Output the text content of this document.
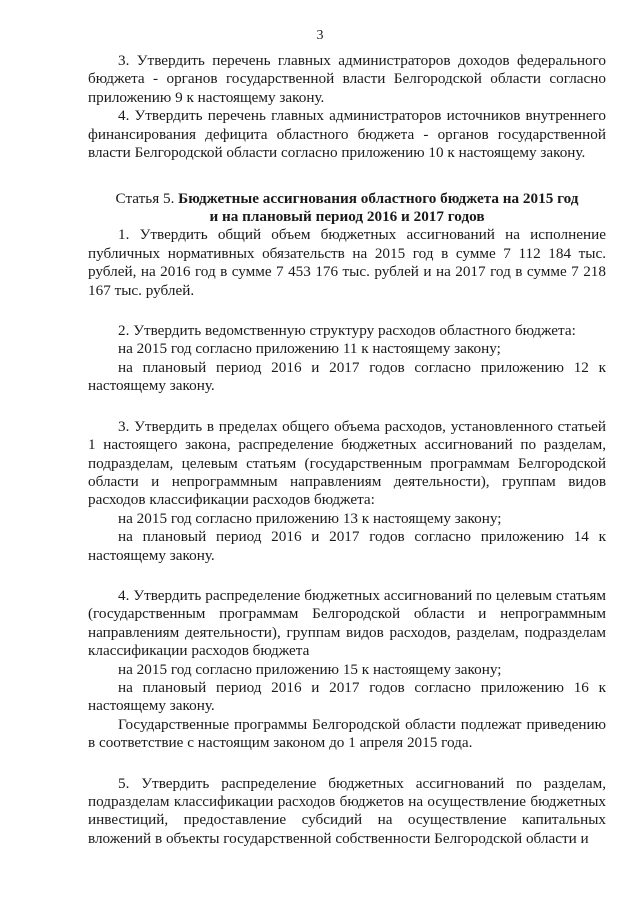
3

3. Утвердить перечень главных администраторов доходов федерального бюджета - органов государственной власти Белгородской области согласно приложению 9 к настоящему закону.

4. Утвердить перечень главных администраторов источников внутреннего финансирования дефицита областного бюджета - органов государственной власти Белгородской области согласно приложению 10 к настоящему закону.

Статья 5. Бюджетные ассигнования областного бюджета на 2015 год
и на плановый период 2016 и 2017 годов

1. Утвердить общий объем бюджетных ассигнований на исполнение публичных нормативных обязательств на 2015 год в сумме 7 112 184 тыс. рублей, на 2016 год в сумме 7 453 176 тыс. рублей и на 2017 год в сумме 7 218 167 тыс. рублей.

2. Утвердить ведомственную структуру расходов областного бюджета:

на 2015 год согласно приложению 11 к настоящему закону;

на плановый период 2016 и 2017 годов согласно приложению 12 к настоящему закону.

3. Утвердить в пределах общего объема расходов, установленного статьей 1 настоящего закона, распределение бюджетных ассигнований по разделам, подразделам, целевым статьям (государственным программам Белгородской области и непрограммным направлениям деятельности), группам видов расходов классификации расходов бюджета:

на 2015 год согласно приложению 13 к настоящему закону;

на плановый период 2016 и 2017 годов согласно приложению 14 к настоящему закону.

4. Утвердить распределение бюджетных ассигнований по целевым статьям (государственным программам Белгородской области и непрограммным направлениям деятельности), группам видов расходов, разделам, подразделам классификации расходов бюджета

на 2015 год согласно приложению 15 к настоящему закону;

на плановый период 2016 и 2017 годов согласно приложению 16 к настоящему закону.

Государственные программы Белгородской области подлежат приведению в соответствие с настоящим законом до 1 апреля 2015 года.

5. Утвердить распределение бюджетных ассигнований по разделам, подразделам классификации расходов бюджетов на осуществление бюджетных инвестиций, предоставление субсидий на осуществление капитальных вложений в объекты государственной собственности Белгородской области и
